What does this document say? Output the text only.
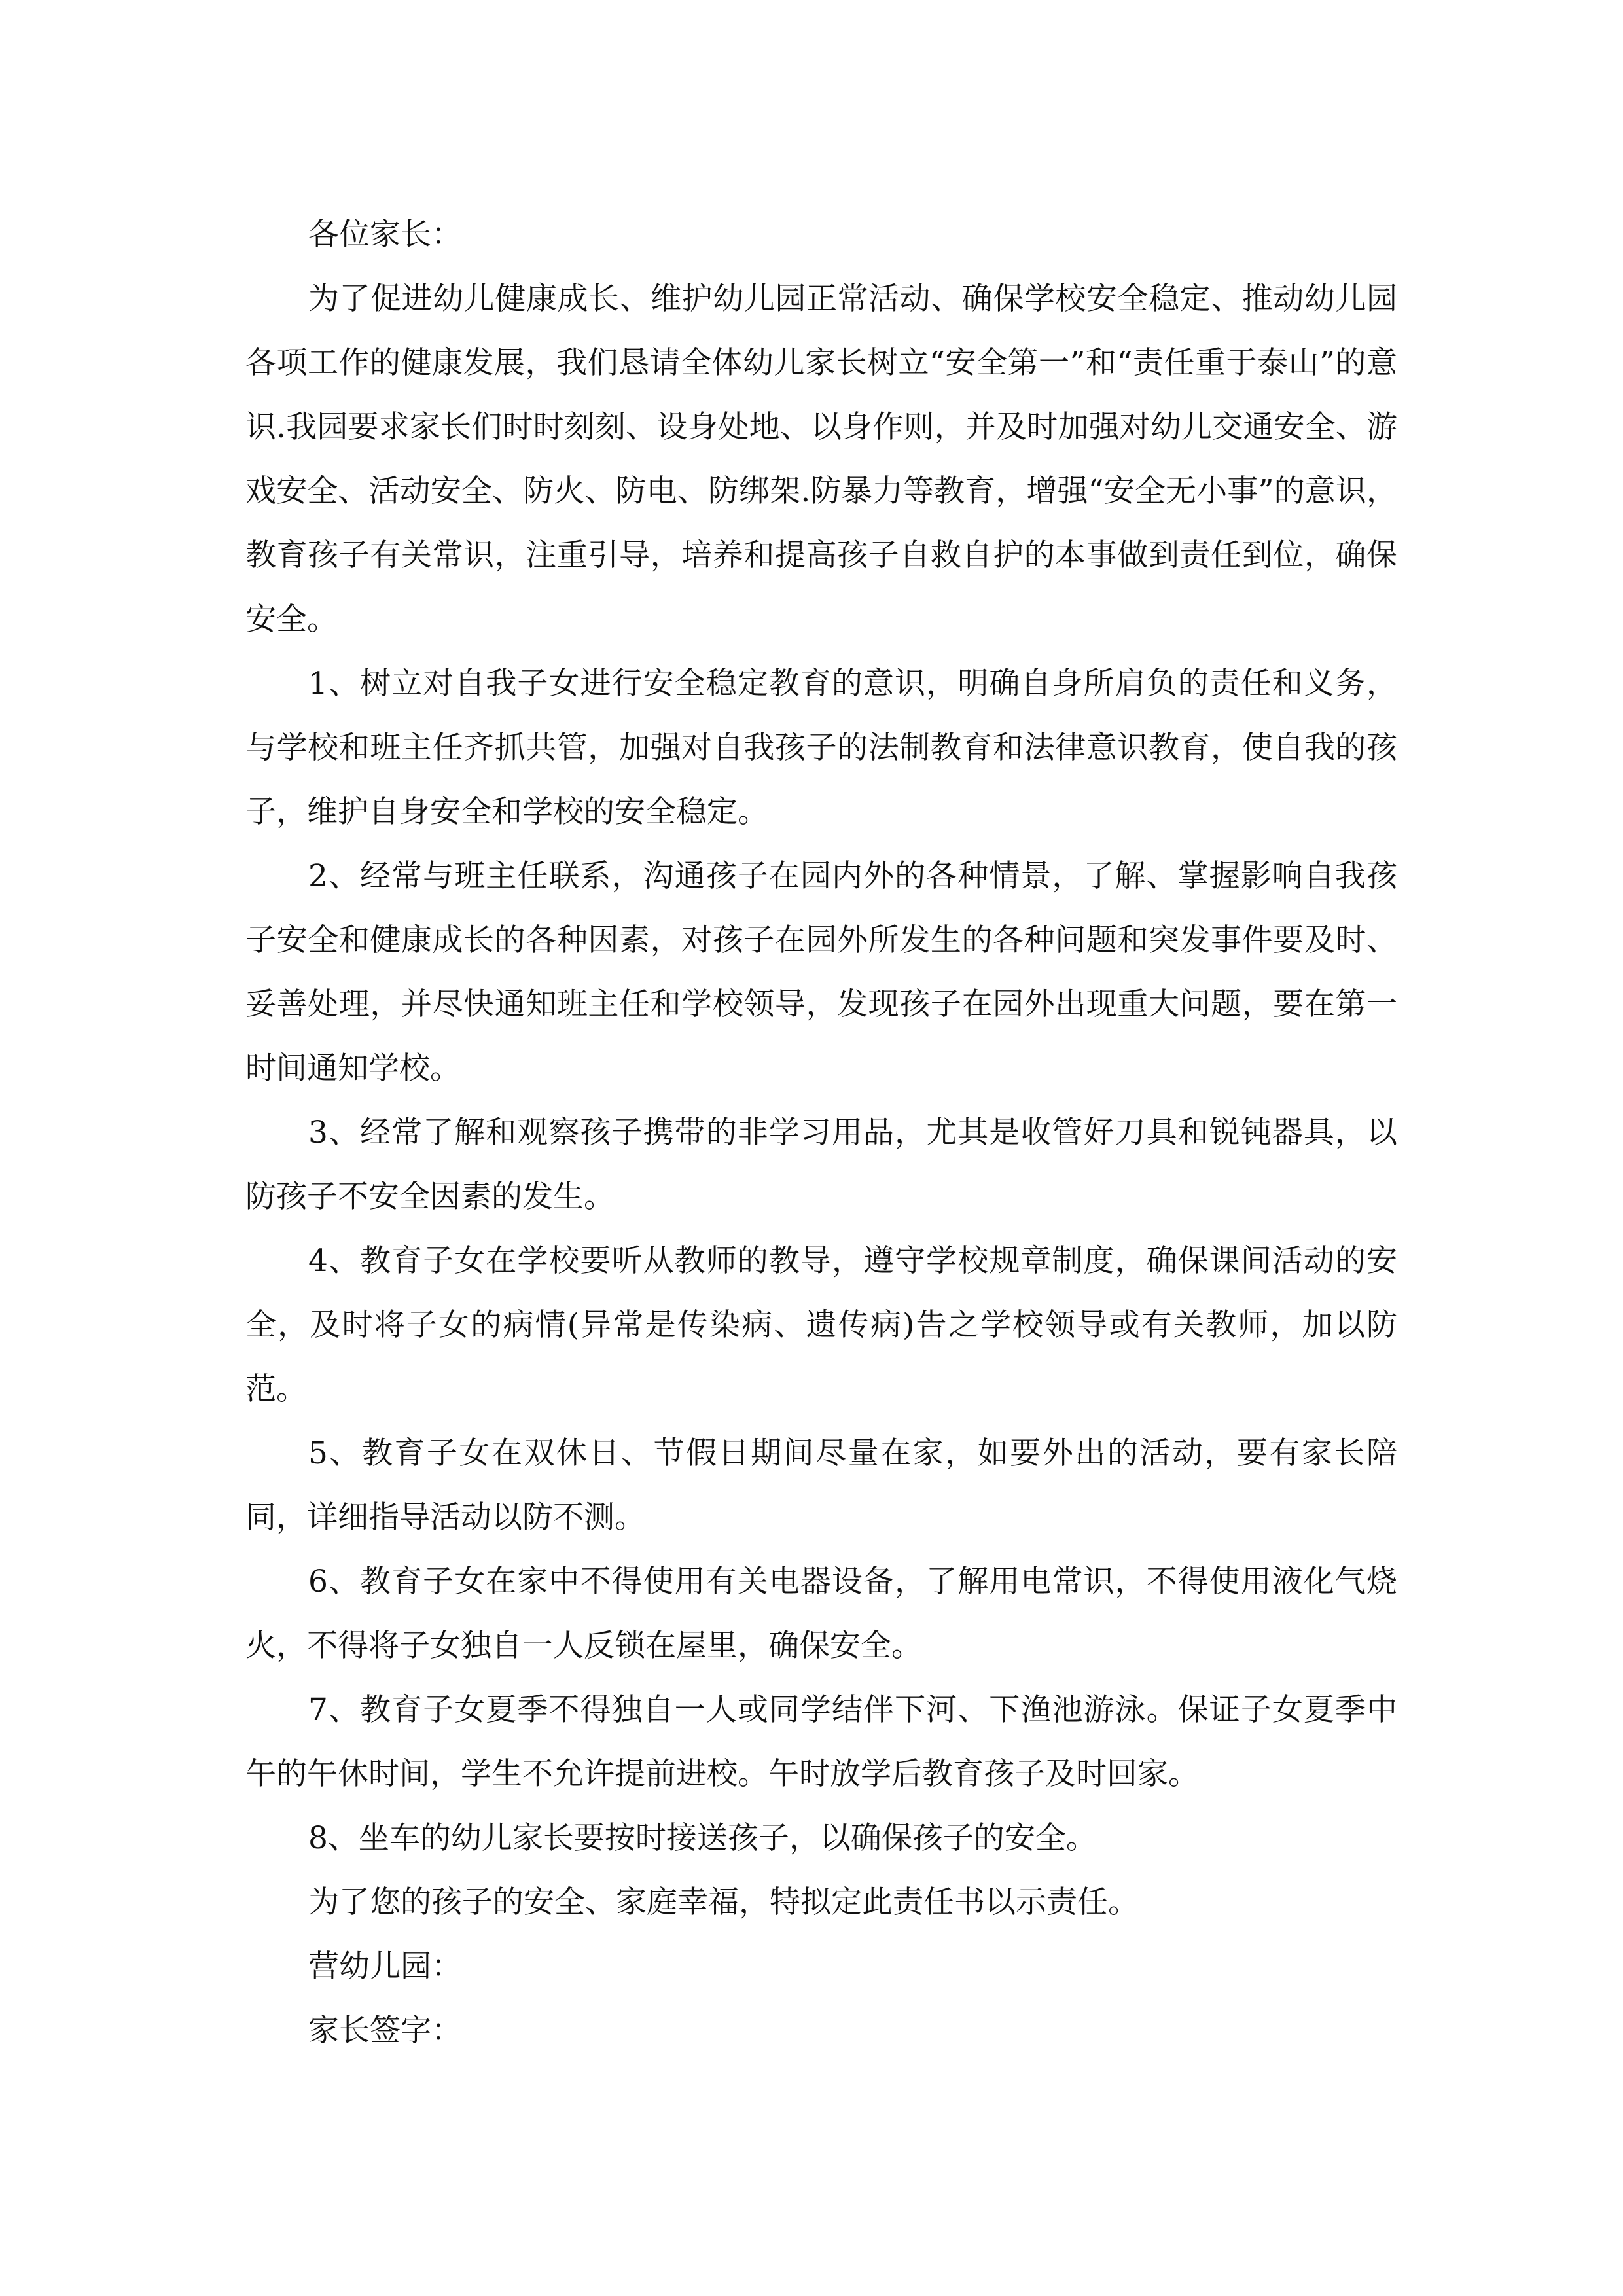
各位家长：

为了促进幼儿健康成长、维护幼儿园正常活动、确保学校安全稳定、推动幼儿园各项工作的健康发展，我们恳请全体幼儿家长树立“安全第一”和“责任重于泰山”的意识.我园要求家长们时时刻刻、设身处地、以身作则，并及时加强对幼儿交通安全、游戏安全、活动安全、防火、防电、防绑架.防暴力等教育，增强“安全无小事”的意识，教育孩子有关常识，注重引导，培养和提高孩子自救自护的本事做到责任到位，确保安全。

1、树立对自我子女进行安全稳定教育的意识，明确自身所肩负的责任和义务，与学校和班主任齐抓共管，加强对自我孩子的法制教育和法律意识教育，使自我的孩子，维护自身安全和学校的安全稳定。

2、经常与班主任联系，沟通孩子在园内外的各种情景，了解、掌握影响自我孩子安全和健康成长的各种因素，对孩子在园外所发生的各种问题和突发事件要及时、妥善处理，并尽快通知班主任和学校领导，发现孩子在园外出现重大问题，要在第一时间通知学校。

3、经常了解和观察孩子携带的非学习用品，尤其是收管好刀具和锐钝器具，以防孩子不安全因素的发生。

4、教育子女在学校要听从教师的教导，遵守学校规章制度，确保课间活动的安全，及时将子女的病情(异常是传染病、遗传病)告之学校领导或有关教师，加以防范。

5、教育子女在双休日、节假日期间尽量在家，如要外出的活动，要有家长陪同，详细指导活动以防不测。

6、教育子女在家中不得使用有关电器设备，了解用电常识，不得使用液化气烧火，不得将子女独自一人反锁在屋里，确保安全。

7、教育子女夏季不得独自一人或同学结伴下河、下渔池游泳。保证子女夏季中午的午休时间，学生不允许提前进校。午时放学后教育孩子及时回家。

8、坐车的幼儿家长要按时接送孩子，以确保孩子的安全。

为了您的孩子的安全、家庭幸福，特拟定此责任书以示责任。

营幼儿园：

家长签字：
